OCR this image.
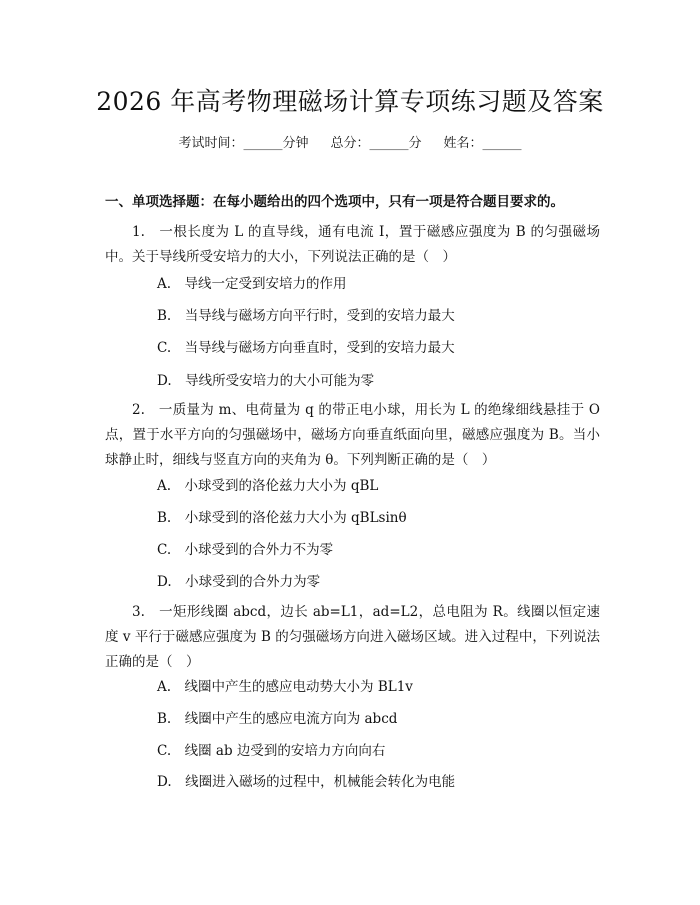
2026 年高考物理磁场计算专项练习题及答案
考试时间：______分钟 总分：______分 姓名：______
一、单项选择题：在每小题给出的四个选项中，只有一项是符合题目要求的。
1.　一根长度为 L 的直导线，通有电流 I，置于磁感应强度为 B 的匀强磁场中。关于导线所受安培力的大小，下列说法正确的是（　）
A.　导线一定受到安培力的作用
B.　当导线与磁场方向平行时，受到的安培力最大
C.　当导线与磁场方向垂直时，受到的安培力最大
D.　导线所受安培力的大小可能为零
2.　一质量为 m、电荷量为 q 的带正电小球，用长为 L 的绝缘细线悬挂于 O 点，置于水平方向的匀强磁场中，磁场方向垂直纸面向里，磁感应强度为 B。当小球静止时，细线与竖直方向的夹角为 θ。下列判断正确的是（　）
A.　小球受到的洛伦兹力大小为 qBL
B.　小球受到的洛伦兹力大小为 qBLsinθ
C.　小球受到的合外力不为零
D.　小球受到的合外力为零
3.　一矩形线圈 abcd，边长 ab=L1，ad=L2，总电阻为 R。线圈以恒定速度 v 平行于磁感应强度为 B 的匀强磁场方向进入磁场区域。进入过程中，下列说法正确的是（　）
A.　线圈中产生的感应电动势大小为 BL1v
B.　线圈中产生的感应电流方向为 abcd
C.　线圈 ab 边受到的安培力方向向右
D.　线圈进入磁场的过程中，机械能会转化为电能
